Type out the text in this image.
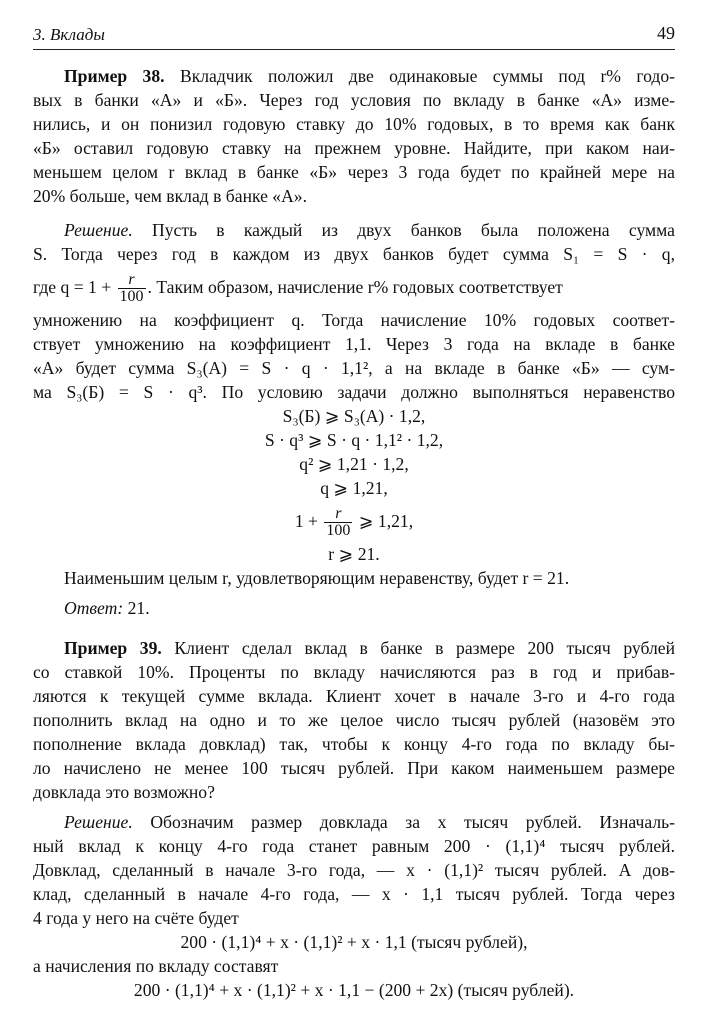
3. Вклады	49
Пример 38. Вкладчик положил две одинаковые суммы под r% годо-
вых в банки «А» и «Б». Через год условия по вкладу в банке «А» изме-
нились, и он понизил годовую ставку до 10% годовых, в то время как банк
«Б» оставил годовую ставку на прежнем уровне. Найдите, при каком наи-
меньшем целом r вклад в банке «Б» через 3 года будет по крайней мере на
20% больше, чем вклад в банке «А».
Решение. Пусть в каждый из двух банков была положена сумма
S. Тогда через год в каждом из двух банков будет сумма S₁ = S · q,
где $q = 1 + \frac{r}{100}$ . Таким образом, начисление r% годовых соответствует
умножению на коэффициент q. Тогда начисление 10% годовых соответ-
ствует умножению на коэффициент 1,1. Через 3 года на вкладе в банке
«А» будет сумма S₃(А) = S · q · 1,1², а на вкладе в банке «Б» — сум-
ма S₃(Б) = S · q³. По условию задачи должно выполняться неравенство
S₃(Б) ⩾ S₃(А) · 1,2,
S · q³ ⩾ S · q · 1,1² · 1,2,
q² ⩾ 1,21 · 1,2,
q ⩾ 1,21,
$1 + \frac{r}{100}$ ⩾ 1,21,
r ⩾ 21.
Наименьшим целым r, удовлетворяющим неравенству, будет r = 21.
Ответ: 21.
Пример 39. Клиент сделал вклад в банке в размере 200 тысяч рублей
со ставкой 10%. Проценты по вкладу начисляются раз в год и прибав-
ляются к текущей сумме вклада. Клиент хочет в начале 3-го и 4-го года
пополнить вклад на одно и то же целое число тысяч рублей (назовём это
пополнение вклада довклад) так, чтобы к концу 4-го года по вкладу бы-
ло начислено не менее 100 тысяч рублей. При каком наименьшем размере
довклада это возможно?
Решение. Обозначим размер довклада за x тысяч рублей. Изначаль-
ный вклад к концу 4-го года станет равным 200 · (1,1)⁴ тысяч рублей.
Довклад, сделанный в начале 3-го года, — x · (1,1)² тысяч рублей. А дов-
клад, сделанный в начале 4-го года, — x · 1,1 тысяч рублей. Тогда через
4 года у него на счёте будет
200 · (1,1)⁴ + x · (1,1)² + x · 1,1 (тысяч рублей),
а начисления по вкладу составят
200 · (1,1)⁴ + x · (1,1)² + x · 1,1 − (200 + 2x) (тысяч рублей).
